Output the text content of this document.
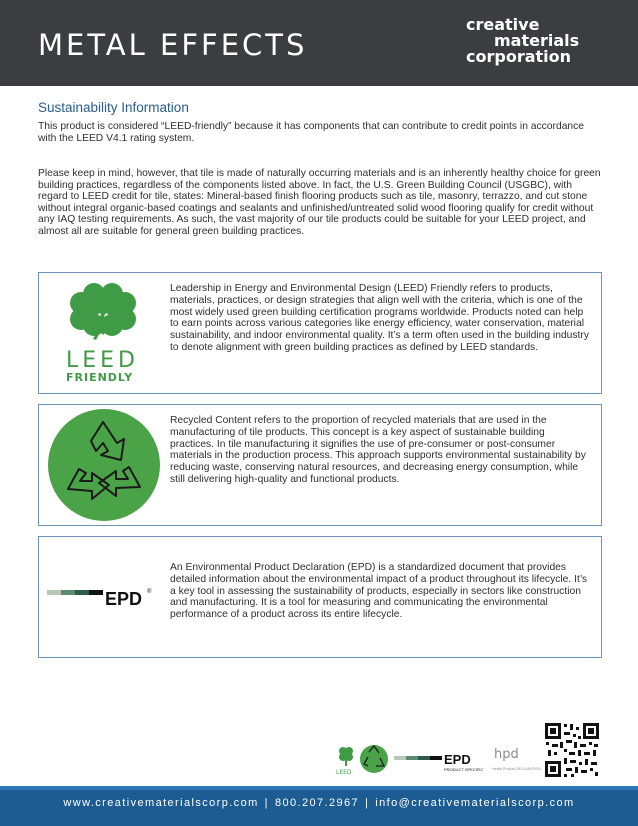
METAL EFFECTS
creative
materials
corporation
Sustainability Information
This product is considered “LEED-friendly” because it has components that can contribute to credit points in accordance with the LEED V4.1 rating system.
Please keep in mind, however, that tile is made of naturally occurring materials and is an inherently healthy choice for green building practices, regardless of the components listed above. In fact, the U.S. Green Building Council (USGBC), with regard to LEED credit for tile, states: Mineral-based finish flooring products such as tile, masonry, terrazzo, and cut stone without integral organic-based coatings and sealants and unfinished/untreated solid wood flooring qualify for credit without any IAQ testing requirements. As such, the vast majority of our tile products could be suitable for your LEED project, and almost all are suitable for general green building practices.
LEED
FRIENDLY
Leadership in Energy and Environmental Design (LEED) Friendly refers to products, materials, practices, or design strategies that align well with the criteria, which is one of the most widely used green building certification programs worldwide. Products noted can help to earn points across various categories like energy efficiency, water conservation, material sustainability, and indoor environmental quality. It’s a term often used in the building industry to denote alignment with green building practices as defined by LEED standards.
Recycled Content refers to the proportion of recycled materials that are used in the manufacturing of tile products. This concept is a key aspect of sustainable building practices. In tile manufacturing it signifies the use of pre-consumer or post-consumer materials in the production process. This approach supports environmental sustainability by reducing waste, conserving natural resources, and decreasing energy consumption, while still delivering high-quality and functional products.
EPD ®
An Environmental Product Declaration (EPD) is a standardized document that provides detailed information about the environmental impact of a product throughout its lifecycle. It’s a key tool in assessing the sustainability of products, especially in sectors like construction and manufacturing. It is a tool for measuring and communicating the environmental performance of a product across its entire lifecycle.
LEED
EPD
PRODUCT SPECIFIC
hpd
Health Product DECLARATION
www.creativematerialscorp.com | 800.207.2967 | info@creativematerialscorp.com
